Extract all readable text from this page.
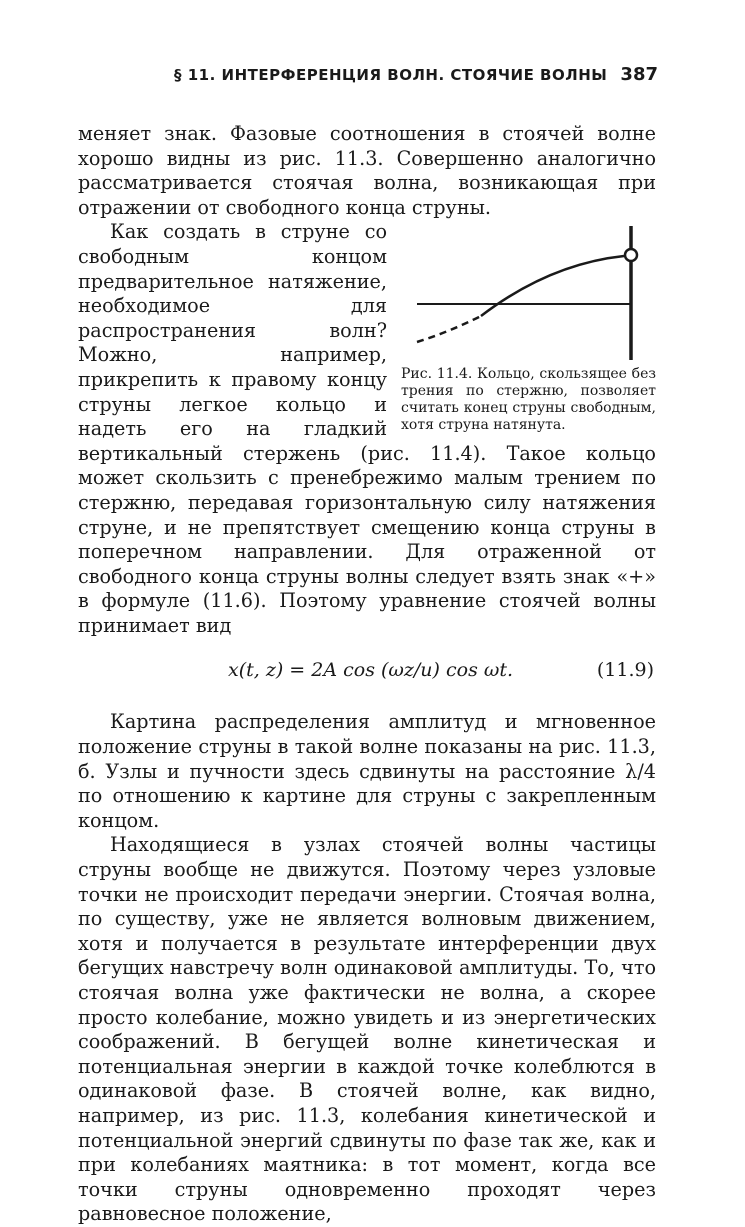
§ 11. ИНТЕРФЕРЕНЦИЯ ВОЛН. СТОЯЧИЕ ВОЛНЫ 387

меняет знак. Фазовые соотношения в стоячей волне хорошо видны из рис. 11.3. Совершенно аналогично рассматривается стоячая волна, возникающая при отражении от свободного конца струны.

Рис. 11.4. Кольцо, скользящее без трения по стержню, позволяет считать конец струны свободным, хотя струна натянута.

Как создать в струне со свободным концом предварительное натяжение, необходимое для распространения волн? Можно, например, прикрепить к правому концу струны легкое кольцо и надеть его на гладкий вертикальный стержень (рис. 11.4). Такое кольцо может скользить с пренебрежимо малым трением по стержню, передавая горизонтальную силу натяжения струне, и не препятствует смещению конца струны в поперечном направлении. Для отраженной от свободного конца струны волны следует взять знак «+» в формуле (11.6). Поэтому уравнение стоячей волны принимает вид

x(t, z) = 2A cos (ωz/u) cos ωt.	(11.9)

Картина распределения амплитуд и мгновенное положение струны в такой волне показаны на рис. 11.3, б. Узлы и пучности здесь сдвинуты на расстояние λ/4 по отношению к картине для струны с закрепленным концом.

Находящиеся в узлах стоячей волны частицы струны вообще не движутся. Поэтому через узловые точки не происходит передачи энергии. Стоячая волна, по существу, уже не является волновым движением, хотя и получается в результате интерференции двух бегущих навстречу волн одинаковой амплитуды. То, что стоячая волна уже фактически не волна, а скорее просто колебание, можно увидеть и из энергетических соображений. В бегущей волне кинетическая и потенциальная энергии в каждой точке колеблются в одинаковой фазе. В стоячей волне, как видно, например, из рис. 11.3, колебания кинетической и потенциальной энергий сдвинуты по фазе так же, как и при колебаниях маятника: в тот момент, когда все точки струны одновременно проходят через равновесное положение,
